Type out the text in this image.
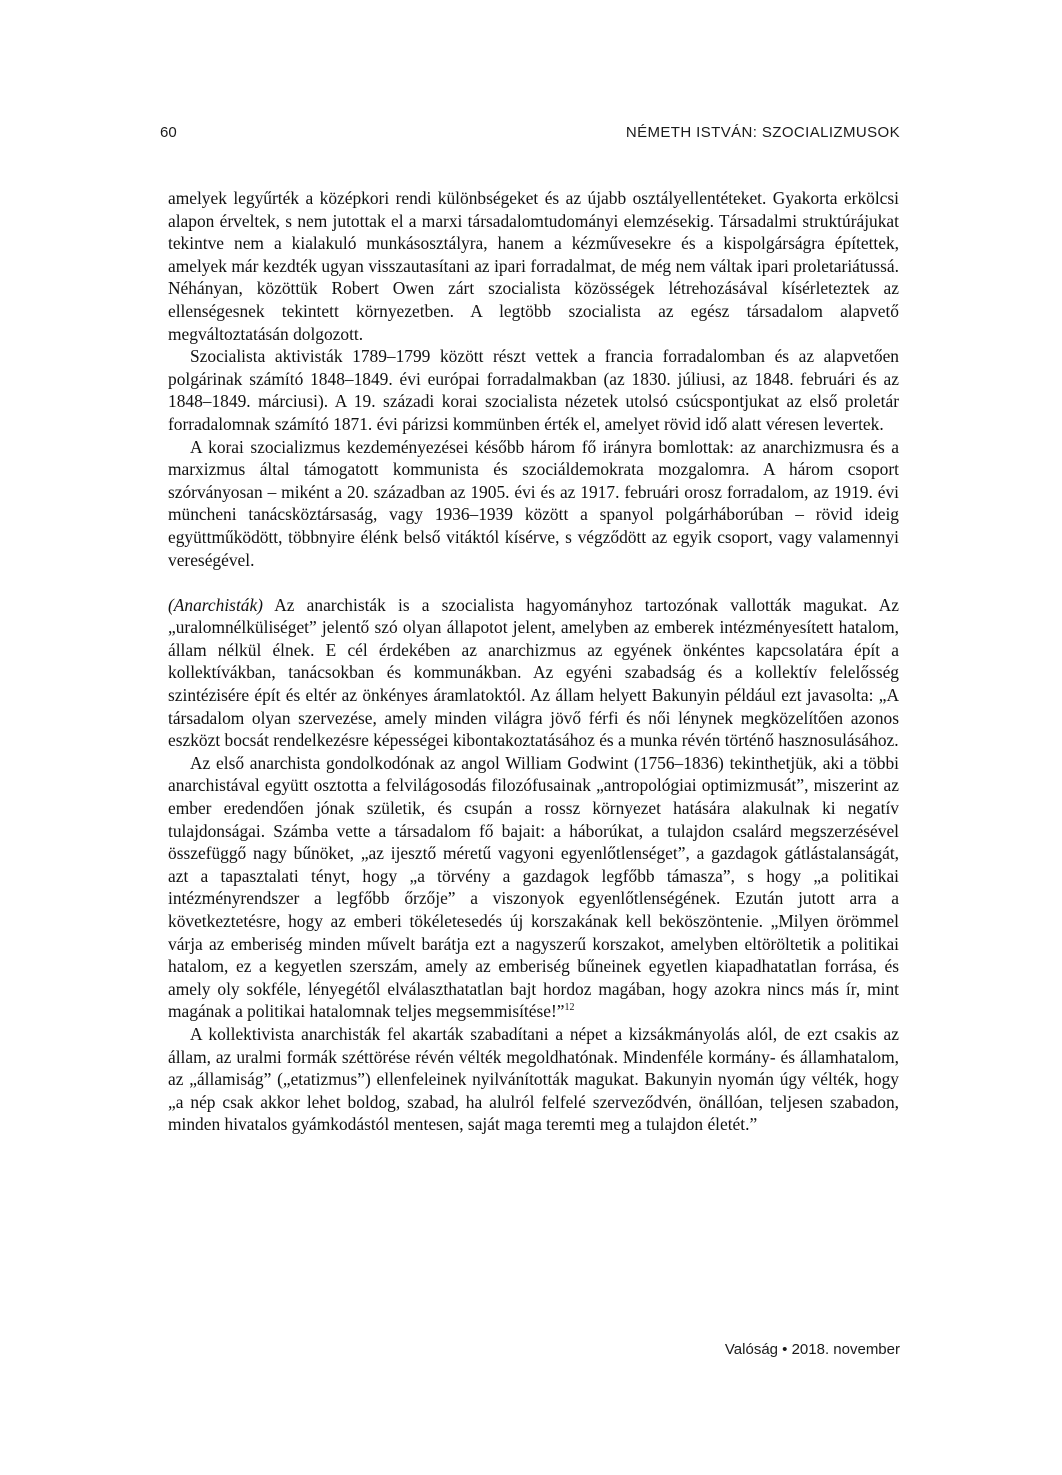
60	NÉMETH ISTVÁN: SZOCIALIZMUSOK

amelyek legyűrték a középkori rendi különbségeket és az újabb osztályellentéteket. Gyakorta erkölcsi alapon érveltek, s nem jutottak el a marxi társadalomtudományi elemzésekig. Társadalmi struktúrájukat tekintve nem a kialakuló munkásosztályra, hanem a kézművesekre és a kispolgárságra építettek, amelyek már kezdték ugyan visszautasítani az ipari forradalmat, de még nem váltak ipari proletariátussá. Néhányan, közöttük Robert Owen zárt szocialista közösségek létrehozásával kísérleteztek az ellenségesnek tekintett környezetben. A legtöbb szocialista az egész társadalom alapvető megváltoztatásán dolgozott.

Szocialista aktivisták 1789–1799 között részt vettek a francia forradalomban és az alapvetően polgárinak számító 1848–1849. évi európai forradalmakban (az 1830. júliusi, az 1848. februári és az 1848–1849. márciusi). A 19. századi korai szocialista nézetek utolsó csúcspontjukat az első proletár forradalomnak számító 1871. évi párizsi kommünben érték el, amelyet rövid idő alatt véresen levertek.

A korai szocializmus kezdeményezései később három fő irányra bomlottak: az anarchizmusra és a marxizmus által támogatott kommunista és szociáldemokrata mozgalomra. A három csoport szórványosan – miként a 20. században az 1905. évi és az 1917. februári orosz forradalom, az 1919. évi müncheni tanácsköztársaság, vagy 1936–1939 között a spanyol polgárháborúban – rövid ideig együttműködött, többnyire élénk belső vitáktól kísérve, s végződött az egyik csoport, vagy valamennyi vereségével.

(Anarchisták) Az anarchisták is a szocialista hagyományhoz tartozónak vallották magukat. Az „uralomnélküliséget” jelentő szó olyan állapotot jelent, amelyben az emberek intézményesített hatalom, állam nélkül élnek. E cél érdekében az anarchizmus az egyének önkéntes kapcsolatára épít a kollektívákban, tanácsokban és kommunákban. Az egyéni szabadság és a kollektív felelősség szintézisére épít és eltér az önkényes áramlatoktól. Az állam helyett Bakunyin például ezt javasolta: „A társadalom olyan szervezése, amely minden világra jövő férfi és női lénynek megközelítően azonos eszközt bocsát rendelkezésre képességei kibontakoztatásához és a munka révén történő hasznosulásához.

Az első anarchista gondolkodónak az angol William Godwint (1756–1836) tekinthetjük, aki a többi anarchistával együtt osztotta a felvilágosodás filozófusainak „antropológiai optimizmusát”, miszerint az ember eredendően jónak születik, és csupán a rossz környezet hatására alakulnak ki negatív tulajdonságai. Számba vette a társadalom fő bajait: a háborúkat, a tulajdon csalárd megszerzésével összefüggő nagy bűnöket, „az ijesztő méretű vagyoni egyenlőtlenséget”, a gazdagok gátlástalanságát, azt a tapasztalati tényt, hogy „a törvény a gazdagok legfőbb támasza”, s hogy „a politikai intézményrendszer a legfőbb őrzője” a viszonyok egyenlőtlenségének. Ezután jutott arra a következtetésre, hogy az emberi tökéletesedés új korszakának kell beköszöntenie. „Milyen örömmel várja az emberiség minden művelt barátja ezt a nagyszerű korszakot, amelyben eltöröltetik a politikai hatalom, ez a kegyetlen szerszám, amely az emberiség bűneinek egyetlen kiapadhatatlan forrása, és amely oly sokféle, lényegétől elválaszthatatlan bajt hordoz magában, hogy azokra nincs más ír, mint magának a politikai hatalomnak teljes megsemmisítése!”$^{12}$

A kollektivista anarchisták fel akarták szabadítani a népet a kizsákmányolás alól, de ezt csakis az állam, az uralmi formák széttörése révén vélték megoldhatónak. Mindenféle kormány- és államhatalom, az „államiság” („etatizmus”) ellenfeleinek nyilvánították magukat. Bakunyin nyomán úgy vélték, hogy „a nép csak akkor lehet boldog, szabad, ha alulról felfelé szerveződvén, önállóan, teljesen szabadon, minden hivatalos gyámkodástól mentesen, saját maga teremti meg a tulajdon életét.”

Valóság • 2018. november
